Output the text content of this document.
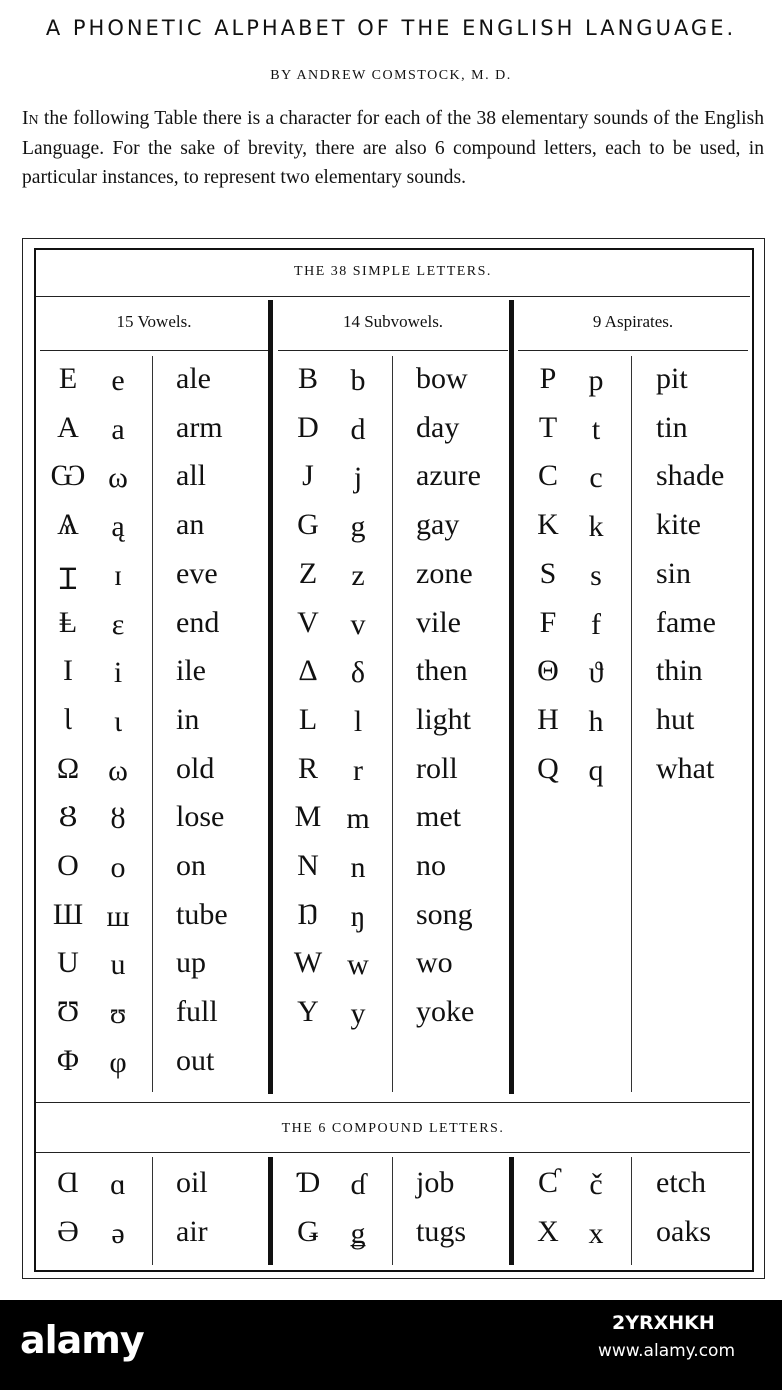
A PHONETIC ALPHABET OF THE ENGLISH LANGUAGE.
BY ANDREW COMSTOCK, M. D.

In the following Table there is a character for each of the 38 elementary sounds of the English Language. For the sake of brevity, there are also 6 compound letters, each to be used, in particular instances, to represent two elementary sounds.

THE 38 SIMPLE LETTERS.
THE 6 COMPOUND LETTERS.
15 Vowels.	14 Subvowels.	9 Aspirates.
E	e	ale
A	a	arm
Ѡ ω	all
Ѧ	ą	an
Ɪ	ɪ	eve
Ⱡ	ε	end
I	i	ile
Ɩ	ɩ	in
Ω ω	old
Ȣ	ȣ	lose
O	o	on
Ш ш tube
U	u	up
Ʊ	ʊ	full
Φ	φ	out
Ɑ	ɑ	oil
Ә	ә	air
B	b	bow
D	d	day
J	j	azure
G	g	gay
Z	z	zone
V	v	vile
Δ	δ	then
L	l	light
R	r	roll
M m met
N	n	no
Ŋ	ŋ	song
W w	wo
Y	y	yoke
Ɗ	ɗ	job
Ǥ	ǥ	tugs
P	p	pit
T	t	tin
C	c	shade
K k	kite
S	s	sin
F	f	fame
Θ ϑ	thin
H h	hut
Q q	what
Ƈ	č	etch
X x	oaks
alamy	2YRXHKH
www.alamy.com
